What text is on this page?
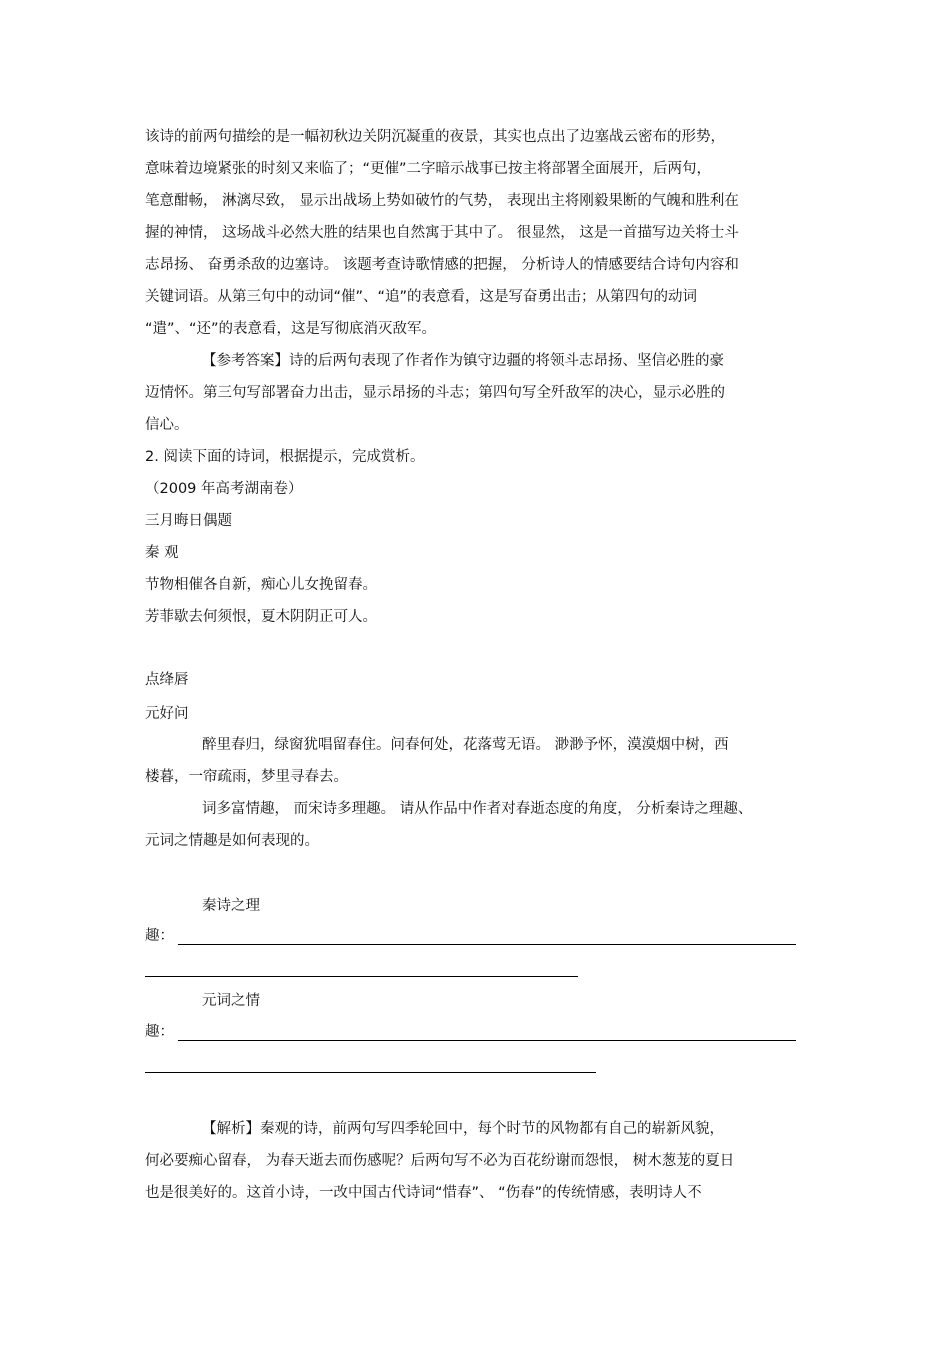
该诗的前两句描绘的是一幅初秋边关阴沉凝重的夜景，其实也点出了边塞战云密布的形势，
意味着边境紧张的时刻又来临了；“更催”二字暗示战事已按主将部署全面展开，后两句，
笔意酣畅， 淋漓尽致， 显示出战场上势如破竹的气势， 表现出主将刚毅果断的气魄和胜利在
握的神情， 这场战斗必然大胜的结果也自然寓于其中了。 很显然， 这是一首描写边关将士斗
志昂扬、 奋勇杀敌的边塞诗。 该题考查诗歌情感的把握， 分析诗人的情感要结合诗句内容和
关键词语。从第三句中的动词“催”、“追”的表意看，这是写奋勇出击；从第四句的动词
“遣”、“还”的表意看，这是写彻底消灭敌军。
【参考答案】诗的后两句表现了作者作为镇守边疆的将领斗志昂扬、坚信必胜的豪
迈情怀。第三句写部署奋力出击，显示昂扬的斗志；第四句写全歼敌军的决心，显示必胜的
信心。
2. 阅读下面的诗词，根据提示，完成赏析。
（2009 年高考湖南卷）
三月晦日偶题
秦 观
节物相催各自新，痴心儿女挽留春。
芳菲歇去何须恨，夏木阴阴正可人。
点绛唇
元好问
醉里春归，绿窗犹唱留春住。问春何处，花落莺无语。 渺渺予怀，漠漠烟中树，西
楼暮，一帘疏雨，梦里寻春去。
词多富情趣， 而宋诗多理趣。 请从作品中作者对春逝态度的角度， 分析秦诗之理趣、
元词之情趣是如何表现的。
秦诗之理
趣：
元词之情
趣：
【解析】秦观的诗，前两句写四季轮回中，每个时节的风物都有自己的崭新风貌，
何必要痴心留春， 为春天逝去而伤感呢？后两句写不必为百花纷谢而怨恨， 树木葱茏的夏日
也是很美好的。这首小诗，一改中国古代诗词“惜春”、 “伤春”的传统情感，表明诗人不
